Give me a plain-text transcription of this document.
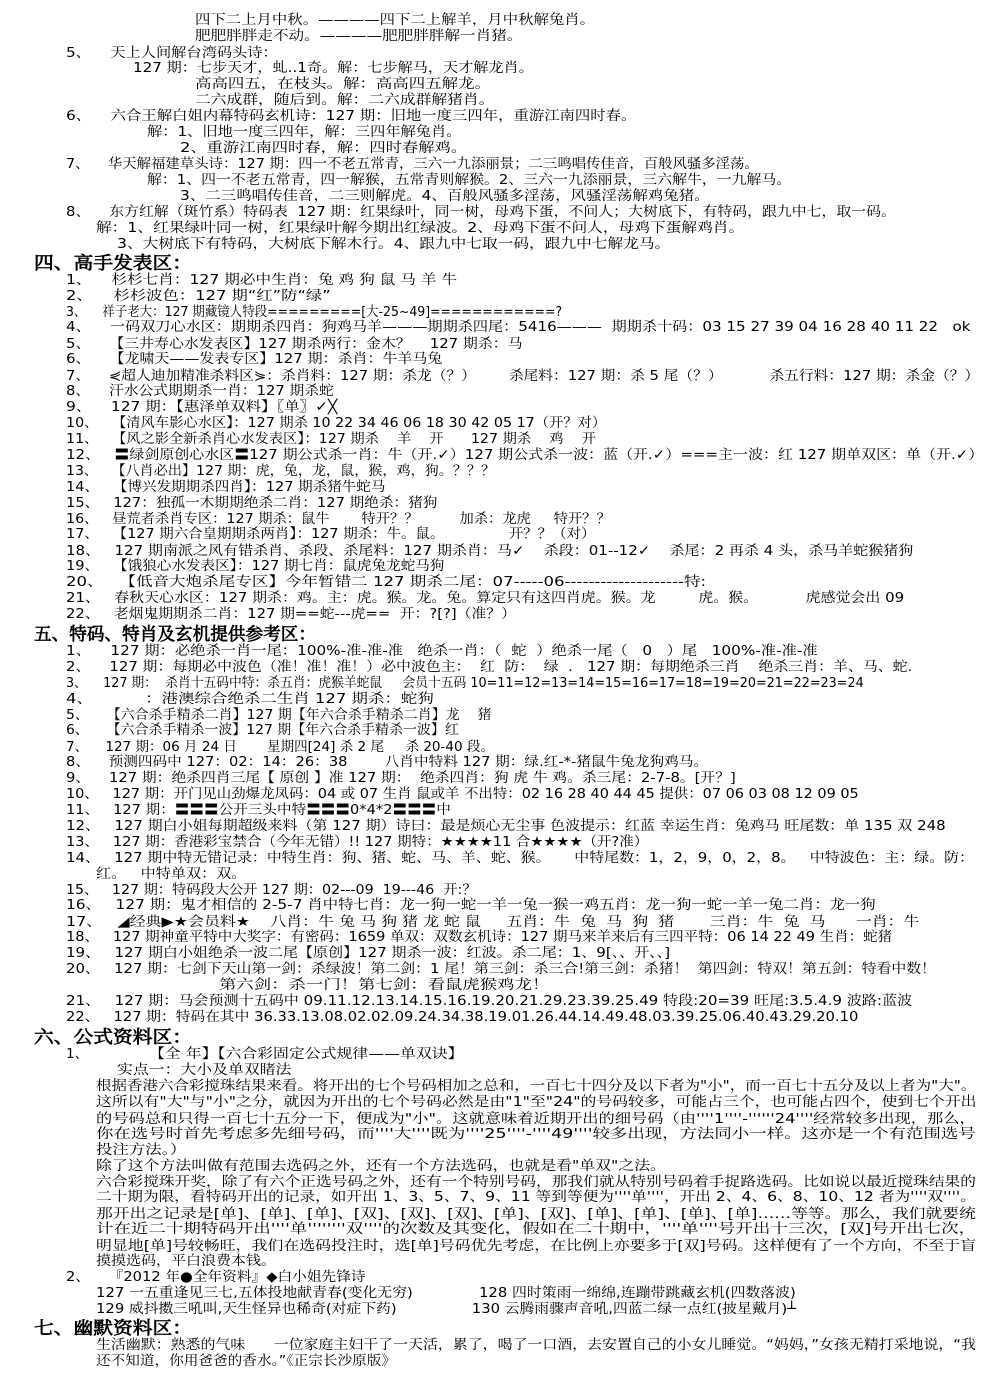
四下二上月中秋。————四下二上解羊，月中秋解兔肖。
肥肥胖胖走不动。————肥肥胖胖解一肖猪。
5、    天上人间解台湾码头诗：
127 期：七步天才，虬..1奇。解：七步解马，天才解龙肖。
高高四五，在枝头。解：高高四五解龙。
二六成群，随后到。解：二六成群解猪肖。
6、    六合王解白姐内幕特码玄机诗：127 期：旧地一度三四年，重游江南四时春。
解：1、旧地一度三四年，解：三四年解兔肖。
2、重游江南四时春，解：四时春解鸡。
7、    华天解福建草头诗：127 期：四一不老五常青，三六一九添丽景；二三鸣唱传佳音，百般风骚多淫荡。
解：1、四一不老五常青，四一解猴，五常青则解猴。2、三六一九添丽景，三六解牛，一九解马。
3、二三鸣唱传佳音，二三则解虎。4、百般风骚多淫荡，风骚淫荡解鸡兔猪。
8、    东方红解（斑竹系）特码表  127 期：红果绿叶，同一树，母鸡下蛋，不问人；大树底下，有特码，跟九中七，取一码。
解：1、红果绿叶同一树，红果绿叶解今期出红绿波。2、母鸡下蛋不问人，母鸡下蛋解鸡肖。
3、大树底下有特码，大树底下解木行。4、跟九中七取一码，跟九中七解龙马。
四、高手发表区：
1、    杉杉七肖：127 期必中生肖：兔 鸡 狗 鼠 马 羊 牛
2、    杉杉波色：127 期“红”防“绿”
3、    祥子老大：127 期藏镜人特段=========[大-25~49]============?
4、    一码双刀心水区：期期杀四肖：狗鸡马羊———期期杀四尾：5416———  期期杀十码：03 15 27 39 04 16 28 40 11 22   ok
5、    【三井寿心水发表区】127 期杀两行：金木？    127 期杀：马
6、    【龙啸天——发表专区】127 期：杀肖：牛羊马兔
7、    ⋞超人迪加精准杀料区⋟：杀肖料：127 期：杀龙（？）       杀尾料：127 期：杀 5 尾（？）          杀五行料：127 期：杀金（？）
8、    汗水公式期期杀一肖：127 期杀蛇
9、    127 期：【惠泽单双料】〖单〗✓╳
10、   【清风车影心水区】：127 期杀 10 22 34 46 06 18 30 42 05 17（开？对）
11、   【风之影全新杀肖心水发表区】：127 期杀    羊    开      127 期杀    鸡    开
12、   〓绿剑原创心水区〓127 期公式杀一肖：牛（开.✓）127 期公式杀一波：蓝（开.✓）===主一波：红 127 期单双区：单（开.✓）
13、   【八肖必出】127 期：虎，兔，龙，鼠，猴，鸡，狗。？？？
14、   【博兴发期期杀四肖】：127 期杀猪牛蛇马
15、   127：独孤一木期期绝杀二肖：127 期绝杀：猪狗
16、   昼荒者杀肖专区：127 期杀：鼠牛       特开？？         加杀：龙虎     特开？？
17、   【127 期六合皇期期杀两肖】：127 期杀：牛。鼠。              开？？（对）
18、   127 期南派之风有错杀肖、杀段、杀尾料：127 期杀肖：马✓    杀段：01--12✓    杀尾：2 再杀 4 头，杀马羊蛇猴猪狗
19、   【饿狼心水发表区】：127 期七肖：鼠虎兔龙蛇马狗
20、   【低音大炮杀尾专区】今年暂错二 127 期杀二尾：07-----06--------------------特:
21、   春秋天心水区：127 期杀：鸡。主：虎。猴。龙。兔。算定只有这四肖虎。猴。龙         虎。猴。          虎感觉会出 09
22、   老烟鬼期期杀二肖：127 期==蛇---虎==  开：?[?]（准？）
五、特码、特肖及玄机提供参考区：
1、    127 期：必绝杀一肖一尾：100%-准-准-准   绝杀一肖：（  蛇  ）绝杀一尾（   0   ）尾   100%-准-准-准
2、    127 期：每期必中波色（准！准！准！）必中波色主：  红  防：  绿  .   127 期：每期绝杀三肖    绝杀三肖：羊、马、蛇.
3、    127 期：  杀肖十五码中特：杀五肖：虎猴羊蛇鼠     会员十五码 10=11=12=13=14=15=16=17=18=19=20=21=22=23=24
4、          ：港澳综合绝杀二生肖 127 期杀：蛇狗
5、    【六合杀手精杀二肖】127 期【年六合杀手精杀二肖】龙    猪
6、    【六合杀手精杀一波】127 期【年六合杀手精杀一波】红
7、    127 期：06 月 24 日       星期四[24] 杀 2 尾     杀 20-40 段。
8、    预测四码中 127：02：14：26：38        八肖中特料 127 期：绿.红-*-猪鼠牛兔龙狗鸡马。
9、    127 期：绝杀四肖三尾【 原创 】准 127 期：  绝杀四肖：狗 虎 牛 鸡。杀三尾：2-7-8。[开？]
10、   127 期：开门见山劲爆龙凤码：04 或 07 生肖 鼠或羊 不出特：02 16 28 40 44 45 提供：07 06 03 08 12 09 05
11、   127 期：〓〓〓公开三头中特〓〓〓0*4*2〓〓〓中
12、   127 期白小姐每期超级来料（第 127 期）诗曰：最是烦心无尘事 色波提示：红蓝 幸运生肖：兔鸡马 旺尾数：单 135 双 248
13、   127 期：香港彩宝禁合（今年无错）!! 127 期特：★★★★11 合★★★★（开?准）
14、   127 期中特无错记录：中特生肖：狗、猪、蛇、马、羊、蛇、猴。     中特尾数：1，2，9，0，2，8。   中特波色：主：绿。防：
红。   中特单双：双。
15、   127 期：特码段大公开 127 期：02---09  19---46  开:？
16、   127 期：鬼才相信的 2-5-7 肖中特七肖：龙一狗一蛇一羊一兔一猴一鸡五肖：龙一狗一蛇一羊一兔二肖：龙一狗
17、   ◢经典▶★会员料★    八肖：牛 兔 马 狗 猪 龙 蛇 鼠     五肖：牛  兔  马  狗  猪       三肖：牛  兔  马      一肖：牛
18、   127 期神童平特中大奖字：有密码：1659 单双：双数玄机诗：127 期马来羊来后有三四平特：06 14 22 49 生肖：蛇猪
19、   127 期白小姐绝杀一波二尾【原创】127 期杀一波：红波。杀二尾：1、9[、、开、、]
20、   127 期：七剑下天山第一剑：杀绿波！第二剑：1 尾！第三剑：杀三合!第三剑：杀猪！  第四剑：特双！第五剑：特看中数！
第六剑：杀一门！第七剑：看鼠虎猴鸡龙！
21、   127 期：马会预测十五码中 09.11.12.13.14.15.16.19.20.21.29.23.39.25.49 特段:20=39 旺尾:3.5.4.9 波路:蓝波
22、   127 期：特码在其中 36.33.13.08.02.02.09.24.34.38.19.01.26.44.14.49.48.03.39.25.06.40.43.29.20.10
六、公式资料区：
1、	【全 年】【六合彩固定公式规律——单双诀】
实点一：大小及单双睹法
根据香港六合彩搅珠结果来看。将开出的七个号码相加之总和，一百七十四分及以下者为"小"，而一百七十五分及以上者为"大"。
这所以有"大"与"小"之分，就因为开出的七个号码必然是由"1"至"24"的号码较多，可能占三个，也可能占四个，使到七个开出
的号码总和只得一百七十五分一下，便成为"小"。这就意味着近期开出的细号码（由''''1''''-''''''24''''经常较多出现，那么，
你在选号时首先考虑多先细号码，而''''大''''既为''''25''''-''''49''''较多出现，方法同小一样。这亦是一个有范围选号
投注方法。）
除了这个方法叫做有范围去选码之外，还有一个方法选码，也就是看"单双"之法。
六合彩搅珠开奖，除了有六个正选号码之外，还有一个特别号码，那我们就从特别号码着手捉路选码。比如说以最近搅珠结果的
二十期为限，看特码开出的记录，如开出 1、3、5、7、9、11 等到等便为''''单''''，开出 2、4、6、8、10、12 者为''''双''''。
那开出之记录是[单]、[单]、[单]、[双]、[双]、[双]、[单]、[双]、[单]、[单]、[单]、[单]……等等。那么，我们就要统
计在近二十期特码开出''''单''''''''双''''的次数及其变化，假如在二十期中，''''单''''号开出十三次，[双]号开出七次，
明显地[单]号较畅旺，我们在选码投注时，选[单]号码优先考虑，在比例上亦要多于[双]号码。这样便有了一个方向，不至于盲
摸摸选码，平白浪费本钱。
2、    『2012 年●全年资料』◆白小姐先锋诗
127 一五重逢见三七,五体投地献青春(变化无穷)              128 四时策雨一绵绵,连蹦带跳藏玄机(四数落波)
129 威抖擞三吼叫,天生怪异也稀奇(对症下药)                130 云腾雨骤声音吼,四蓝二绿一点红(披星戴月)┴
七、幽默资料区：
生活幽默：熟悉的气味      一位家庭主妇干了一天活，累了，喝了一口酒，去安置自己的小女儿睡觉。“妈妈，”女孩无精打采地说，“我
还不知道，你用爸爸的香水。”《正宗长沙原版》
